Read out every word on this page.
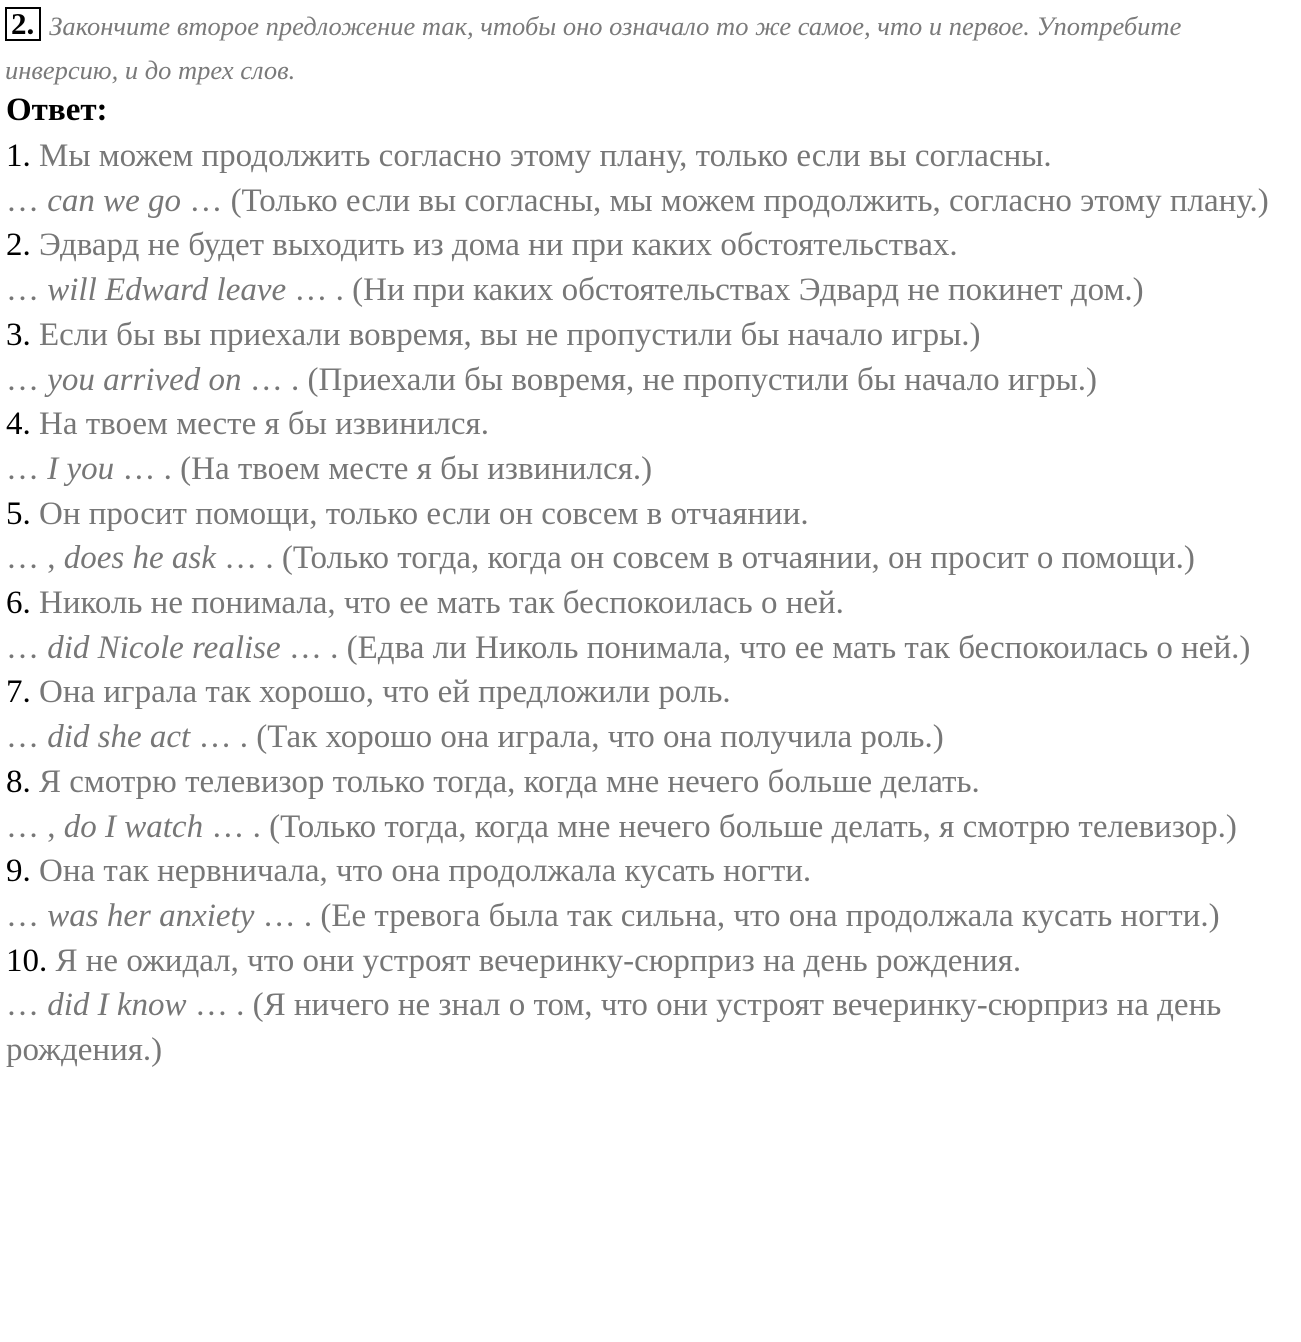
2. Закончите второе предложение так, чтобы оно означало то же самое, что и первое. Употребите инверсию, и до трех слов.
Ответ:

1. Мы можем продолжить согласно этому плану, только если вы согласны.

… can we go … (Только если вы согласны, мы можем продолжить, согласно этому плану.)

2. Эдвард не будет выходить из дома ни при каких обстоятельствах.

… will Edward leave … . (Ни при каких обстоятельствах Эдвард не покинет дом.)

3. Если бы вы приехали вовремя, вы не пропустили бы начало игры.)

… you arrived on … . (Приехали бы вовремя, не пропустили бы начало игры.)

4. На твоем месте я бы извинился.

… I you … . (На твоем месте я бы извинился.)

5. Он просит помощи, только если он совсем в отчаянии.

… , does he ask … . (Только тогда, когда он совсем в отчаянии, он просит о помощи.)

6. Николь не понимала, что ее мать так беспокоилась о ней.

… did Nicole realise … . (Едва ли Николь понимала, что ее мать так беспокоилась о ней.)

7. Она играла так хорошо, что ей предложили роль.

… did she act … . (Так хорошо она играла, что она получила роль.)

8. Я смотрю телевизор только тогда, когда мне нечего больше делать.

… , do I watch … . (Только тогда, когда мне нечего больше делать, я смотрю телевизор.)

9. Она так нервничала, что она продолжала кусать ногти.

… was her anxiety … . (Ее тревога была так сильна, что она продолжала кусать ногти.)

10. Я не ожидал, что они устроят вечеринку-сюрприз на день рождения.

… did I know … . (Я ничего не знал о том, что они устроят вечеринку-сюрприз на день рождения.)
